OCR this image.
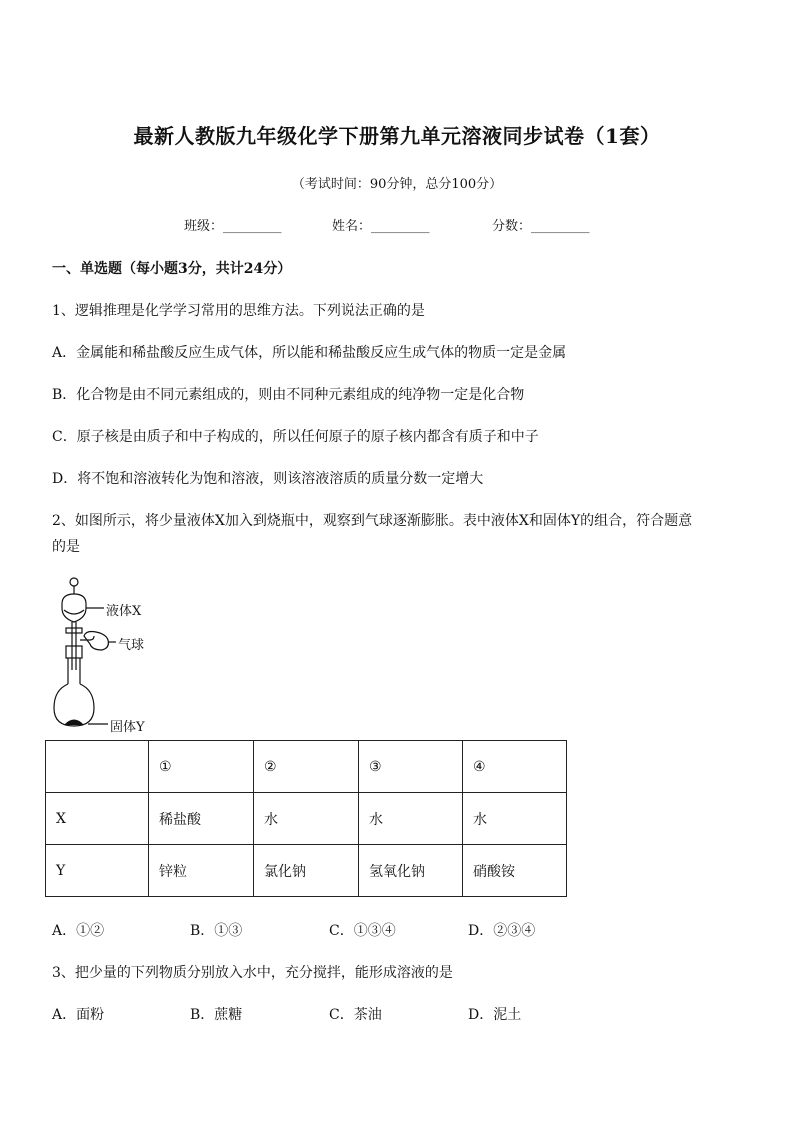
最新人教版九年级化学下册第九单元溶液同步试卷（1套）
（考试时间：90分钟，总分100分）
班级：_________	姓名：_________	分数：_________
一、单选题（每小题3分，共计24分）
1、逻辑推理是化学学习常用的思维方法。下列说法正确的是
A．金属能和稀盐酸反应生成气体，所以能和稀盐酸反应生成气体的物质一定是金属
B．化合物是由不同元素组成的，则由不同种元素组成的纯净物一定是化合物
C．原子核是由质子和中子构成的，所以任何原子的原子核内都含有质子和中子
D．将不饱和溶液转化为饱和溶液，则该溶液溶质的质量分数一定增大
2、如图所示，将少量液体X加入到烧瓶中，观察到气球逐渐膨胀。表中液体X和固体Y的组合，符合题意
的是
液体X
气球
固体Y
	①	②	③	④
X	稀盐酸	水	水	水
Y	锌粒	氯化钠	氢氧化钠	硝酸铵
A．①②	B．①③	C．①③④	D．②③④
3、把少量的下列物质分别放入水中，充分搅拌，能形成溶液的是
A．面粉	B．蔗糖	C．茶油	D．泥土
